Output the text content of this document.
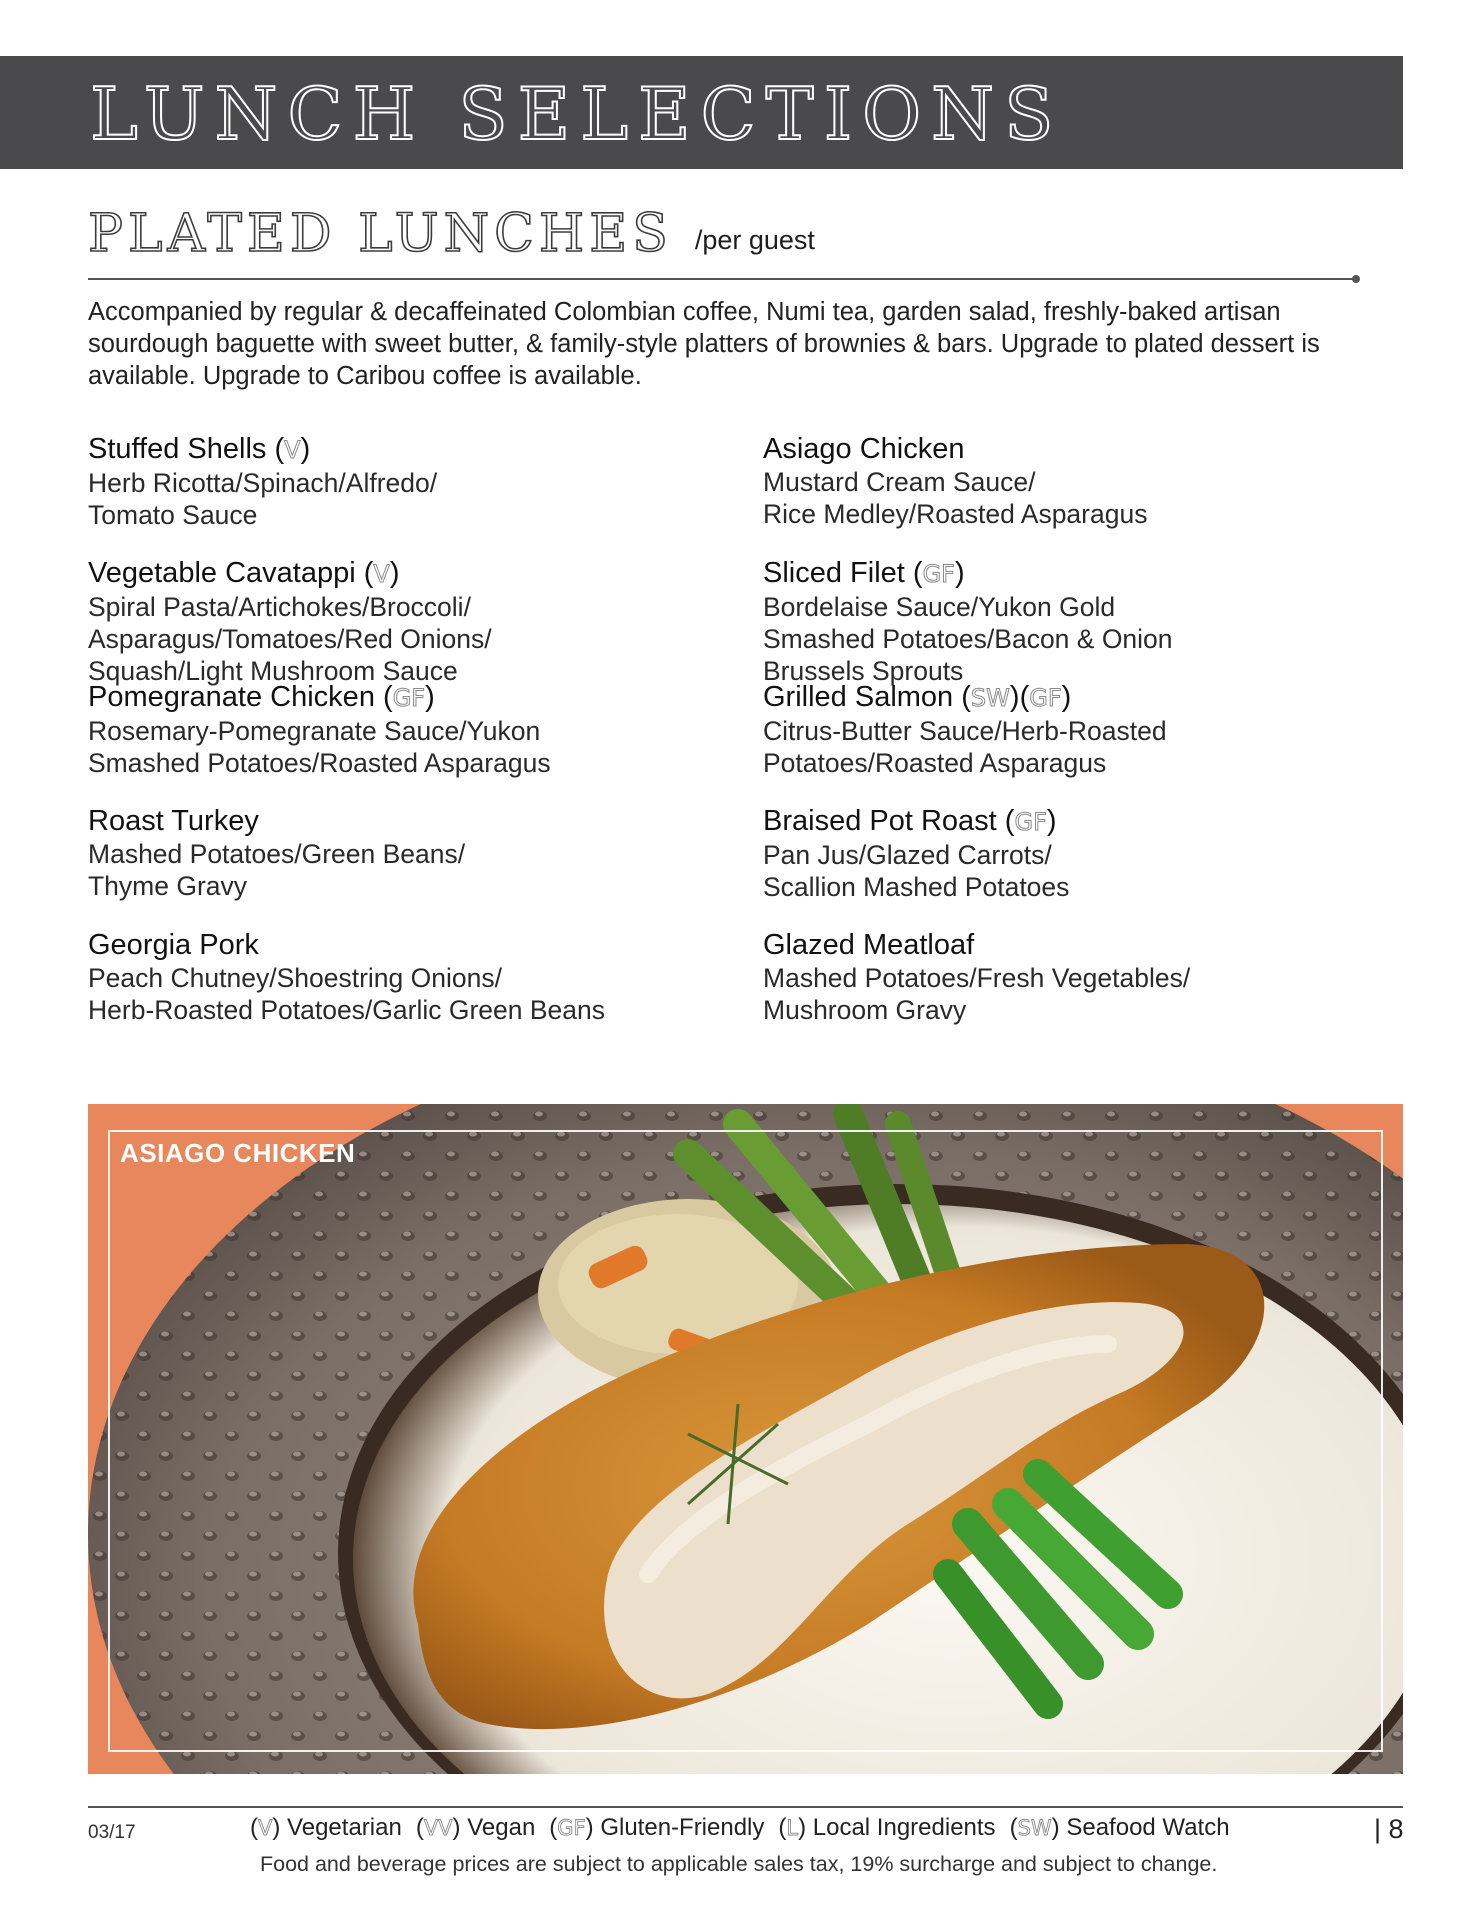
LUNCH SELECTIONS
PLATED LUNCHES /per guest

Accompanied by regular & decaffeinated Colombian coffee, Numi tea, garden salad, freshly-baked artisan sourdough baguette with sweet butter, & family-style platters of brownies & bars. Upgrade to plated dessert is available. Upgrade to Caribou coffee is available.

Stuffed Shells (V)
Herb Ricotta/Spinach/Alfredo/
Tomato Sauce
Vegetable Cavatappi (V)
Spiral Pasta/Artichokes/Broccoli/
Asparagus/Tomatoes/Red Onions/
Squash/Light Mushroom Sauce
Pomegranate Chicken (GF)
Rosemary-Pomegranate Sauce/Yukon
Smashed Potatoes/Roasted Asparagus
Roast Turkey
Mashed Potatoes/Green Beans/
Thyme Gravy
Georgia Pork
Peach Chutney/Shoestring Onions/
Herb-Roasted Potatoes/Garlic Green Beans
Asiago Chicken
Mustard Cream Sauce/
Rice Medley/Roasted Asparagus
Sliced Filet (GF)
Bordelaise Sauce/Yukon Gold
Smashed Potatoes/Bacon & Onion
Brussels Sprouts
Grilled Salmon (SW)(GF)
Citrus-Butter Sauce/Herb-Roasted
Potatoes/Roasted Asparagus
Braised Pot Roast (GF)
Pan Jus/Glazed Carrots/
Scallion Mashed Potatoes
Glazed Meatloaf
Mashed Potatoes/Fresh Vegetables/
Mushroom Gravy
ASIAGO CHICKEN
03/17	(V) Vegetarian (VV) Vegan (GF) Gluten-Friendly (L) Local Ingredients (SW) Seafood Watch
Food and beverage prices are subject to applicable sales tax, 19% surcharge and subject to change.
| 8
